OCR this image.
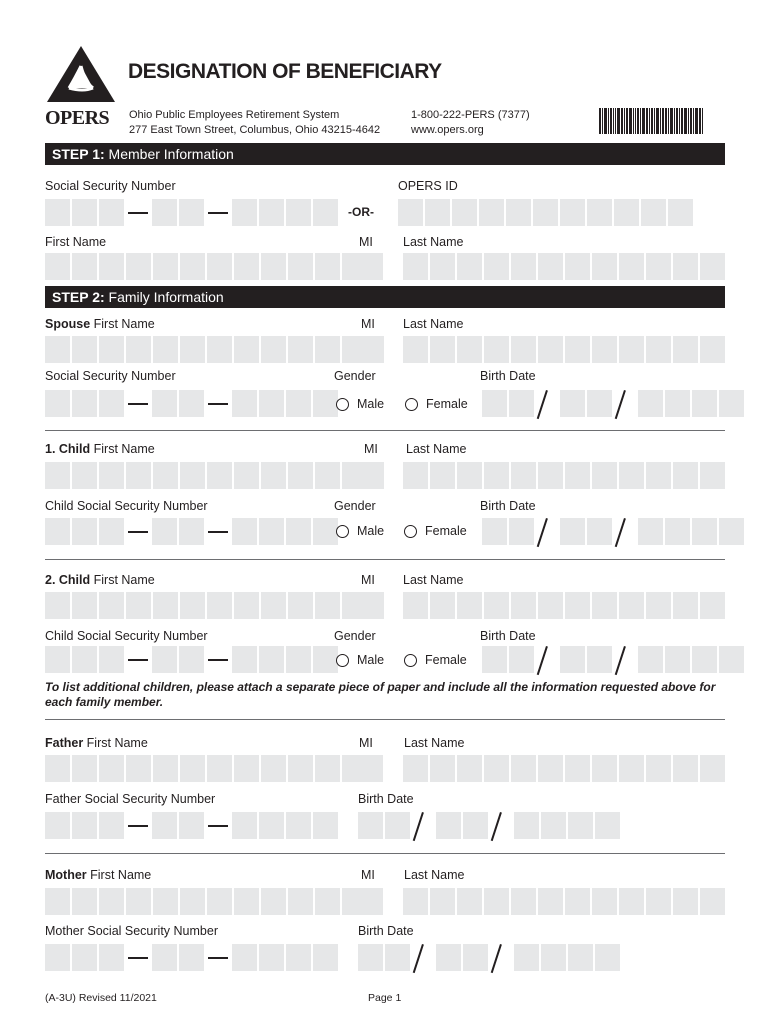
OPERS
DESIGNATION OF BENEFICIARY
Ohio Public Employees Retirement System
277 East Town Street, Columbus, Ohio 43215-4642
1-800-222-PERS (7377)
www.opers.org
STEP 1: Member Information
Social Security Number	OPERS ID
-OR-
First Name	MI Last Name
STEP 2: Family Information
Spouse First Name	MI Last Name
Social Security Number	Gender	Birth Date
Male	Female
1. Child First Name	MI Last Name
Child Social Security Number	Gender	Birth Date
Male	Female
2. Child First Name	MI Last Name
Child Social Security Number	Gender	Birth Date
Male	Female
To list additional children, please attach a separate piece of paper and include all the information requested above for each family member.
Father First Name	MI Last Name
Father Social Security Number	Birth Date
Mother First Name	MI Last Name
Mother Social Security Number	Birth Date
(A-3U) Revised 11/2021	Page 1
